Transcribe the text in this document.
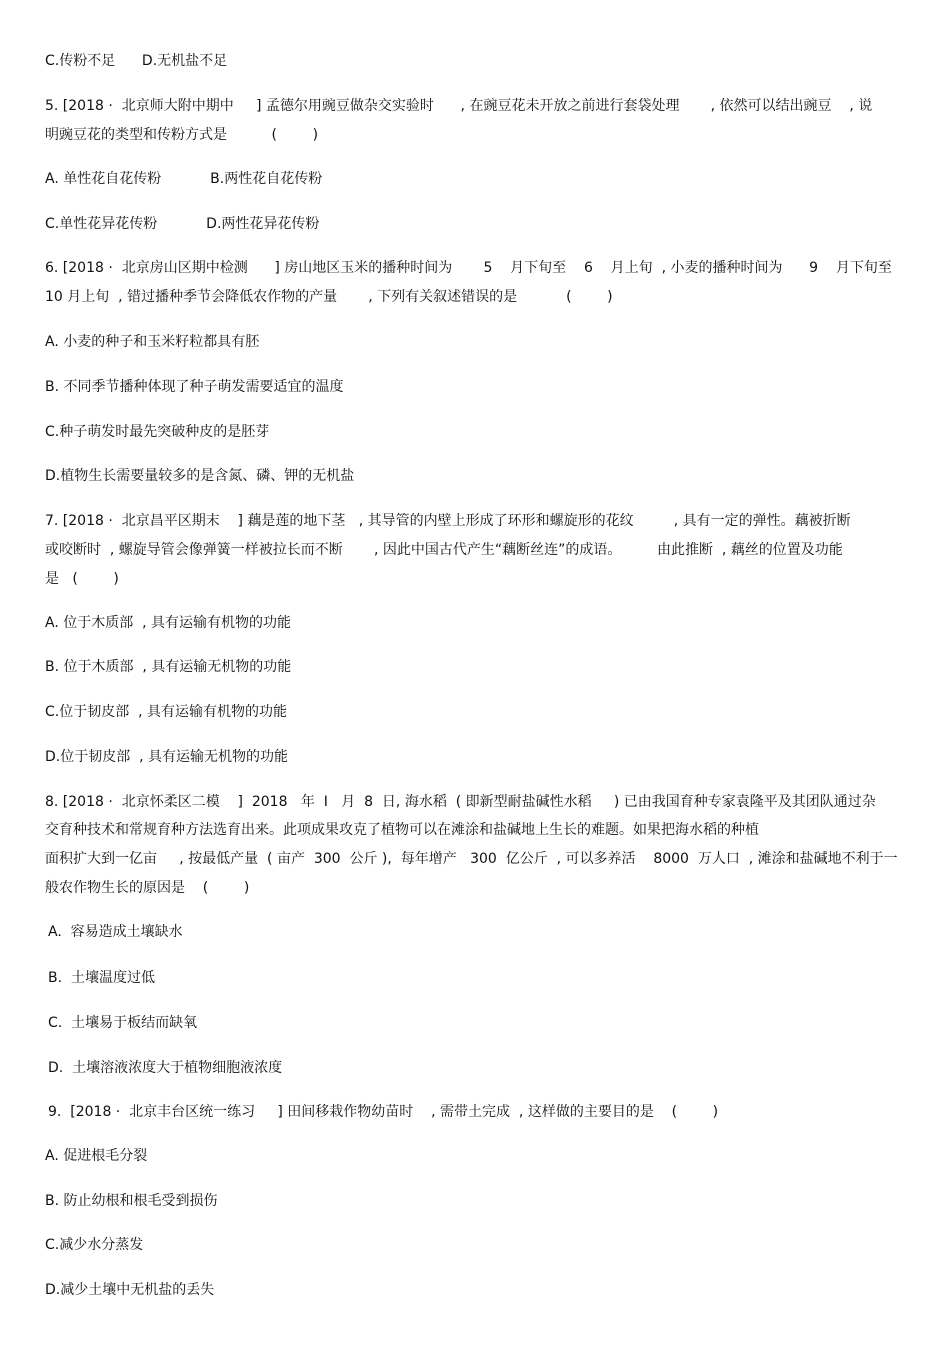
C.传粉不足      D.无机盐不足
5. [2018 ·  北京师大附中期中     ] 孟德尔用豌豆做杂交实验时      , 在豌豆花未开放之前进行套袋处理       , 依然可以结出豌豆    , 说
明豌豆花的类型和传粉方式是          (        )
A. 单性花自花传粉           B.两性花自花传粉
C.单性花异花传粉           D.两性花异花传粉
6. [2018 ·  北京房山区期中检测      ] 房山地区玉米的播种时间为       5    月下旬至    6    月上旬  , 小麦的播种时间为      9    月下旬至
10 月上旬  , 错过播种季节会降低农作物的产量       , 下列有关叙述错误的是           (        )
A. 小麦的种子和玉米籽粒都具有胚
B. 不同季节播种体现了种子萌发需要适宜的温度
C.种子萌发时最先突破种皮的是胚芽
D.植物生长需要量较多的是含氮、磷、钾的无机盐
7. [2018 ·  北京昌平区期末    ] 藕是莲的地下茎   , 其导管的内壁上形成了环形和螺旋形的花纹         , 具有一定的弹性。藕被折断
或咬断时  , 螺旋导管会像弹簧一样被拉长而不断       , 因此中国古代产生“藕断丝连”的成语。        由此推断  , 藕丝的位置及功能
是   (        )
A. 位于木质部  , 具有运输有机物的功能
B. 位于木质部  , 具有运输无机物的功能
C.位于韧皮部  , 具有运输有机物的功能
D.位于韧皮部  , 具有运输无机物的功能
8. [2018 ·  北京怀柔区二模    ]  2018   年  I   月  8  日, 海水稻  ( 即新型耐盐碱性水稻     ) 已由我国育种专家袁隆平及其团队通过杂
交育种技术和常规育种方法选育出来。此项成果攻克了植物可以在滩涂和盐碱地上生长的难题。如果把海水稻的种植
面积扩大到一亿亩     , 按最低产量  ( 亩产  300  公斤 ),  每年增产   300  亿公斤  , 可以多养活    8000  万人口  , 滩涂和盐碱地不利于一
般农作物生长的原因是    (        )
A.  容易造成土壤缺水
B.  土壤温度过低
C.  土壤易于板结而缺氧
D.  土壤溶液浓度大于植物细胞液浓度
9.  [2018 ·  北京丰台区统一练习     ] 田间移栽作物幼苗时    , 需带土完成  , 这样做的主要目的是    (        )
A. 促进根毛分裂
B. 防止幼根和根毛受到损伤
C.减少水分蒸发
D.减少土壤中无机盐的丢失
